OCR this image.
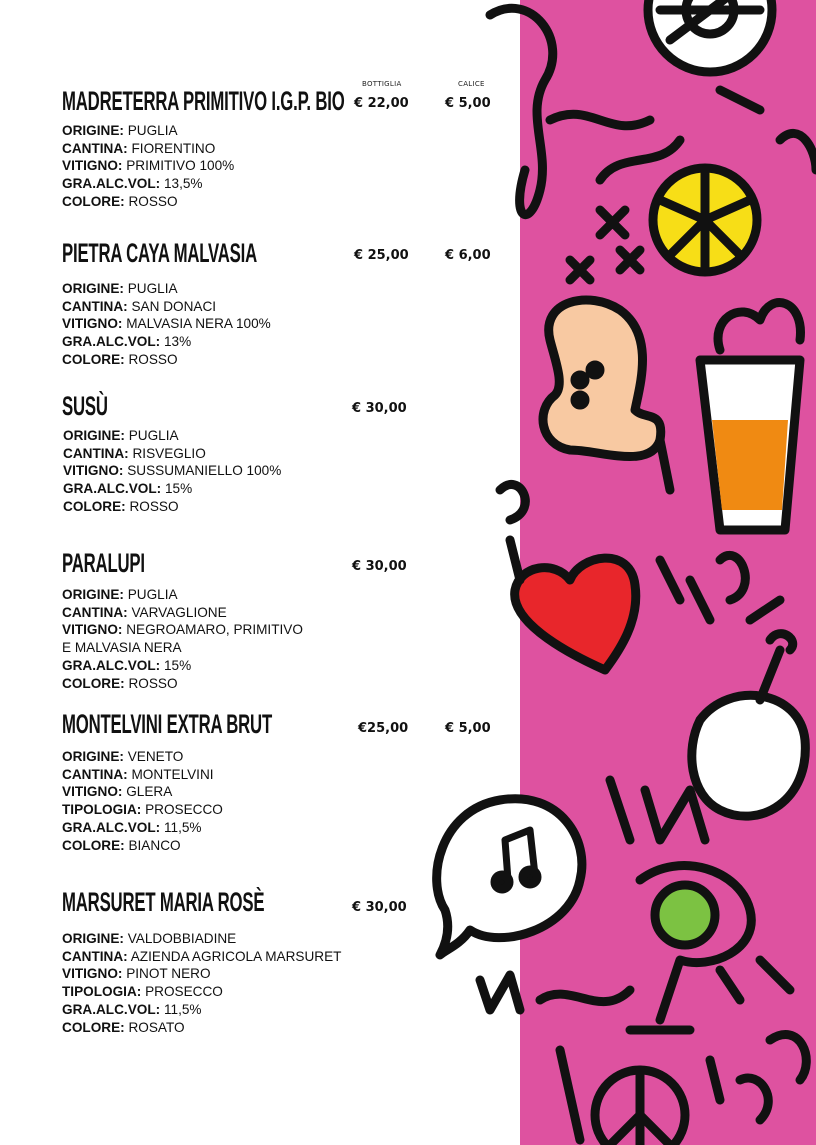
BOTTIGLIA	CALICE
MADRETERRA PRIMITIVO I.G.P. BIO € 22,00	€ 5,00
ORIGINE: PUGLIA
CANTINA: FIORENTINO
VITIGNO: PRIMITIVO 100%
GRA.ALC.VOL: 13,5%
COLORE: ROSSO
PIETRA CAYA MALVASIA	€ 25,00	€ 6,00
ORIGINE: PUGLIA
CANTINA: SAN DONACI
VITIGNO: MALVASIA NERA 100%
GRA.ALC.VOL: 13%
COLORE: ROSSO
SUSÙ	€ 30,00
ORIGINE: PUGLIA
CANTINA: RISVEGLIO
VITIGNO: SUSSUMANIELLO 100%
GRA.ALC.VOL: 15%
COLORE: ROSSO
PARALUPI	€ 30,00
ORIGINE: PUGLIA
CANTINA: VARVAGLIONE
VITIGNO: NEGROAMARO, PRIMITIVO
E MALVASIA NERA
GRA.ALC.VOL: 15%
COLORE: ROSSO
MONTELVINI EXTRA BRUT	€25,00	€ 5,00
ORIGINE: VENETO
CANTINA: MONTELVINI
VITIGNO: GLERA
TIPOLOGIA: PROSECCO
GRA.ALC.VOL: 11,5%
COLORE: BIANCO
MARSURET MARIA ROSÈ	€ 30,00
ORIGINE: VALDOBBIADINE
CANTINA: AZIENDA AGRICOLA MARSURET
VITIGNO: PINOT NERO
TIPOLOGIA: PROSECCO
GRA.ALC.VOL: 11,5%
COLORE: ROSATO
